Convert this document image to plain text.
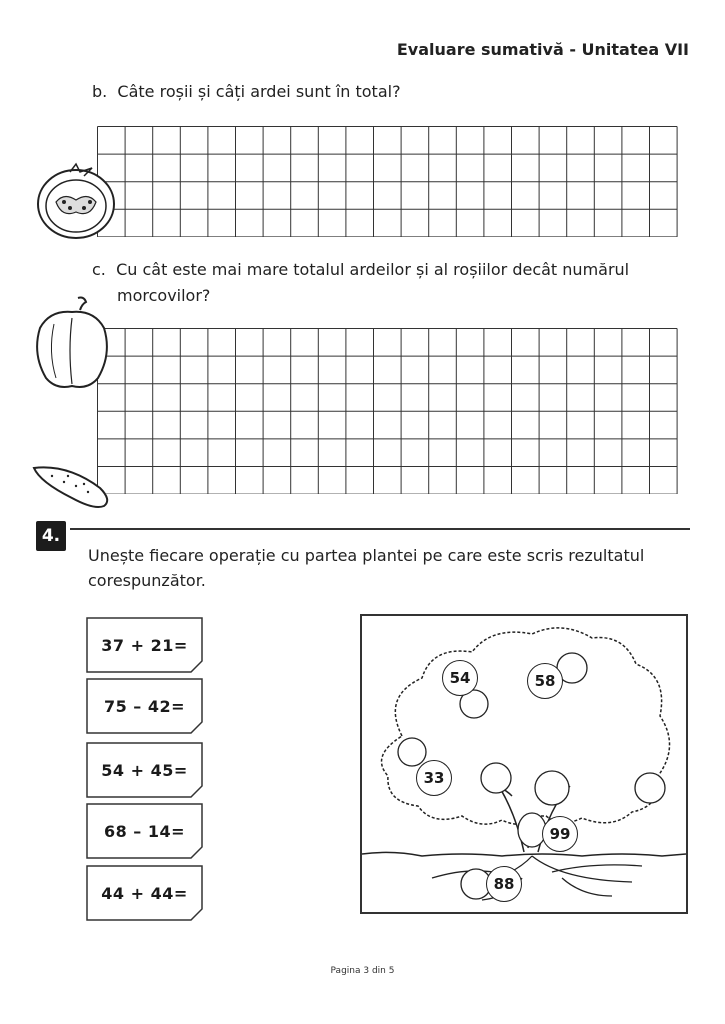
Evaluare sumativă - Unitatea VII
b. Câte roșii și câți ardei sunt în total?
c. Cu cât este mai mare totalul ardeilor și al roșiilor decât numărul
morcovilor?
4.
Unește fiecare operație cu partea plantei pe care este scris rezultatul
corespunzător.
37 + 21=
75 – 42=
54 + 45=
68 – 14=
44 + 44=
54	58
33
99
88
Pagina 3 din 5
